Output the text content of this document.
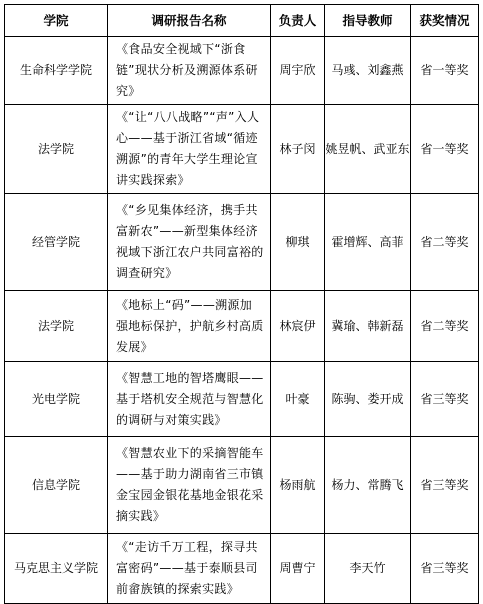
学院	调研报告名称	负责人	指导教师	获奖情况
生命科学学院	《食品安全视域下“浙食链”现状分析及溯源体系研究》	周宇欣	马彧、刘鑫燕	省一等奖
法学院	《“让“八八战略”“声”入人心——基于浙江省域“循迹溯源”的青年大学生理论宣讲实践探索》	林子闵	姚昱帆、武亚东	省一等奖
经管学院	《“乡见集体经济，携手共富新农”——新型集体经济视域下浙江农户共同富裕的调查研究》	柳琪	霍增辉、高菲	省二等奖
法学院	《地标上“码”——溯源加强地标保护，护航乡村高质发展》	林宸伊	冀瑜、韩新磊	省二等奖
光电学院	《智慧工地的智塔鹰眼——基于塔机安全规范与智慧化的调研与对策实践》	叶豪	陈驹、娄开成	省三等奖
信息学院	《智慧农业下的采摘智能车——基于助力湖南省三市镇金宝园金银花基地金银花采摘实践》	杨雨航	杨力、常腾飞	省三等奖
马克思主义学院	《“走访千万工程，探寻共富密码”——基于泰顺县司前畲族镇的探索实践》	周曹宁	李天竹	省三等奖
